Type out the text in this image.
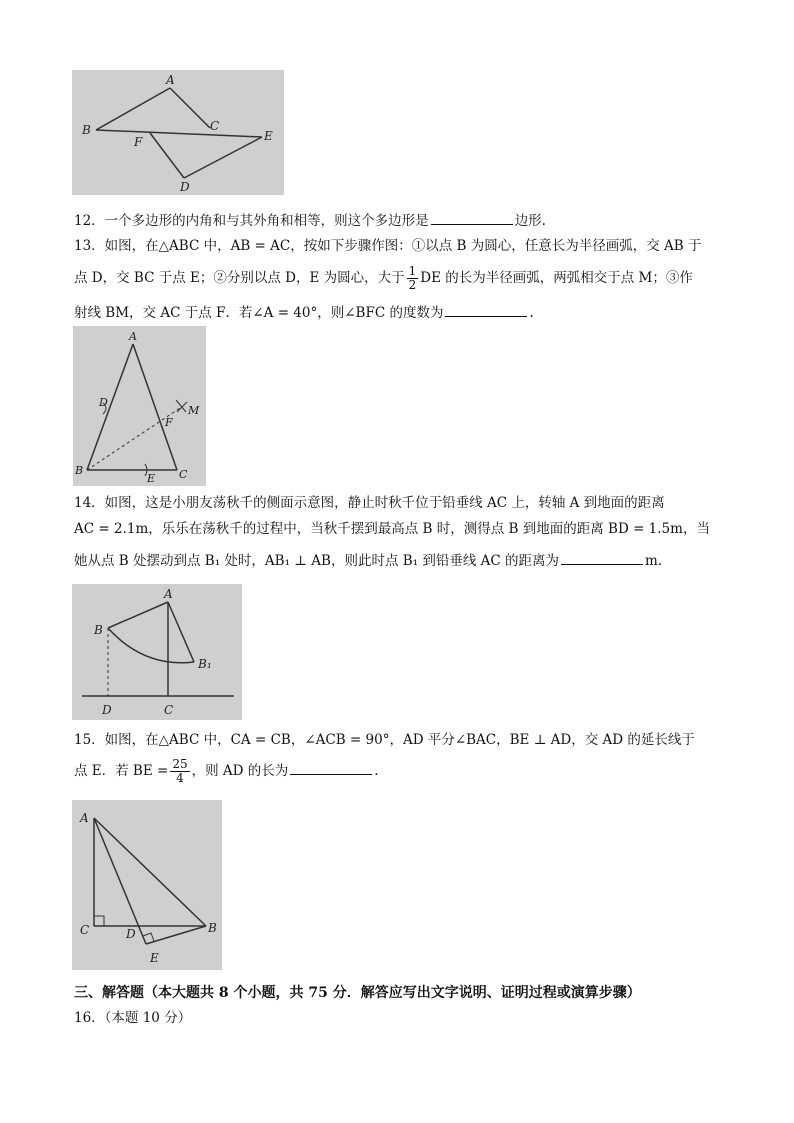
A
B	C
E
F
D
12．一个多边形的内角和与其外角和相等，则这个多边形是	边形.
13．如图，在△ABC 中，AB = AC，按如下步骤作图：①以点 B 为圆心，任意长为半径画弧，交 AB 于
点 D，交 BC 于点 E；②分别以点 D，E 为圆心，大于 $\frac{1}{2}$ DE 的长为半径画弧，两弧相交于点 M；③作
射线 BM，交 AC 于点 F．若∠A = 40°，则∠BFC 的度数为	.
A
B	C
D
E
F
M
14．如图，这是小朋友荡秋千的侧面示意图，静止时秋千位于铅垂线 AC 上，转轴 A 到地面的距离
AC = 2.1m，乐乐在荡秋千的过程中，当秋千摆到最高点 B 时，测得点 B 到地面的距离 BD = 1.5m，当
她从点 B 处摆动到点 B₁ 处时，AB₁ ⊥ AB，则此时点 B₁ 到铅垂线 AC 的距离为	m.
A
B
B₁
D	C
15．如图，在△ABC 中，CA = CB，∠ACB = 90°，AD 平分∠BAC，BE ⊥ AD，交 AD 的延长线于
点 E．若 BE = $\frac{25}{4}$ ，则 AD 的长为	.
A
B
C	D
E
三、解答题（本大题共 8 个小题，共 75 分．解答应写出文字说明、证明过程或演算步骤）
16．（本题 10 分）
